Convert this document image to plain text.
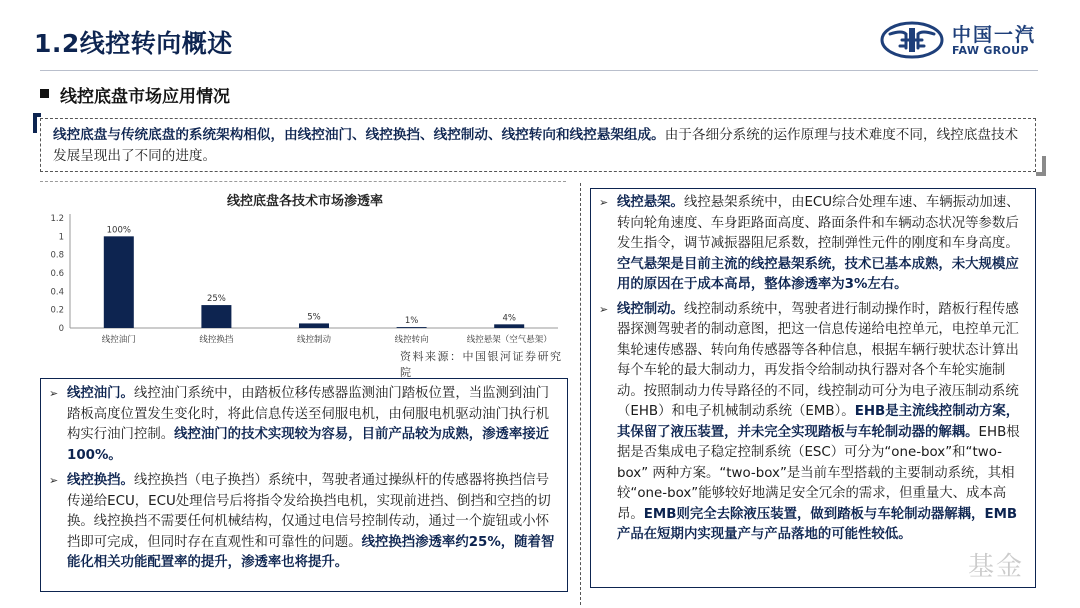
1.2线控转向概述	中国一汽
FAW GROUP
线控底盘市场应用情况
线控底盘与传统底盘的系统架构相似，由线控油门、线控换挡、线控制动、线控转向和线控悬架组成。由于各细分系统的运作原理与技术难度不同，线控底盘技术发展呈现出了不同的进度。
线控底盘各技术市场渗透率
0
0.2
0.4
0.6
0.8
1
1.2
100%
线控油门
25%
线控换挡
5%
线控制动
1%
线控转向
4%
线控悬架（空气悬架）
资料来源：中国银河证券研究院
➢ 线控油门。线控油门系统中，由踏板位移传感器监测油门踏板位置，当监测到油门踏板高度位置发生变化时，将此信息传送至伺服电机，由伺服电机驱动油门执行机构实行油门控制。线控油门的技术实现较为容易，目前产品较为成熟，渗透率接近100%。
➢ 线控换挡。线控换挡（电子换挡）系统中，驾驶者通过操纵杆的传感器将换挡信号传递给ECU，ECU处理信号后将指令发给换挡电机，实现前进挡、倒挡和空挡的切换。线控换挡不需要任何机械结构，仅通过电信号控制传动，通过一个旋钮或小怀挡即可完成，但同时存在直观性和可靠性的问题。线控换挡渗透率约25%，随着智能化相关功能配置率的提升，渗透率也将提升。
➢ 线控悬架。线控悬架系统中，由ECU综合处理车速、车辆振动加速、转向轮角速度、车身距路面高度、路面条件和车辆动态状况等参数后发生指令，调节减振器阻尼系数，控制弹性元件的刚度和车身高度。空气悬架是目前主流的线控悬架系统，技术已基本成熟，未大规模应用的原因在于成本高昂，整体渗透率为3%左右。
➢ 线控制动。线控制动系统中，驾驶者进行制动操作时，踏板行程传感器探测驾驶者的制动意图，把这一信息传递给电控单元，电控单元汇集轮速传感器、转向角传感器等各种信息，根据车辆行驶状态计算出每个车轮的最大制动力，再发指令给制动执行器对各个车轮实施制动。按照制动力传导路径的不同，线控制动可分为电子液压制动系统（EHB）和电子机械制动系统（EMB）。EHB是主流线控制动方案，其保留了液压装置，并未完全实现踏板与车轮制动器的解耦。EHB根据是否集成电子稳定控制系统（ESC）可分为“one-box”和“two-box” 两种方案。“two-box”是当前车型搭载的主要制动系统，其相较“one-box”能够较好地满足安全冗余的需求，但重量大、成本高昂。EMB则完全去除液压装置，做到踏板与车轮制动器解耦，EMB产品在短期内实现量产与产品落地的可能性较低。
基金
